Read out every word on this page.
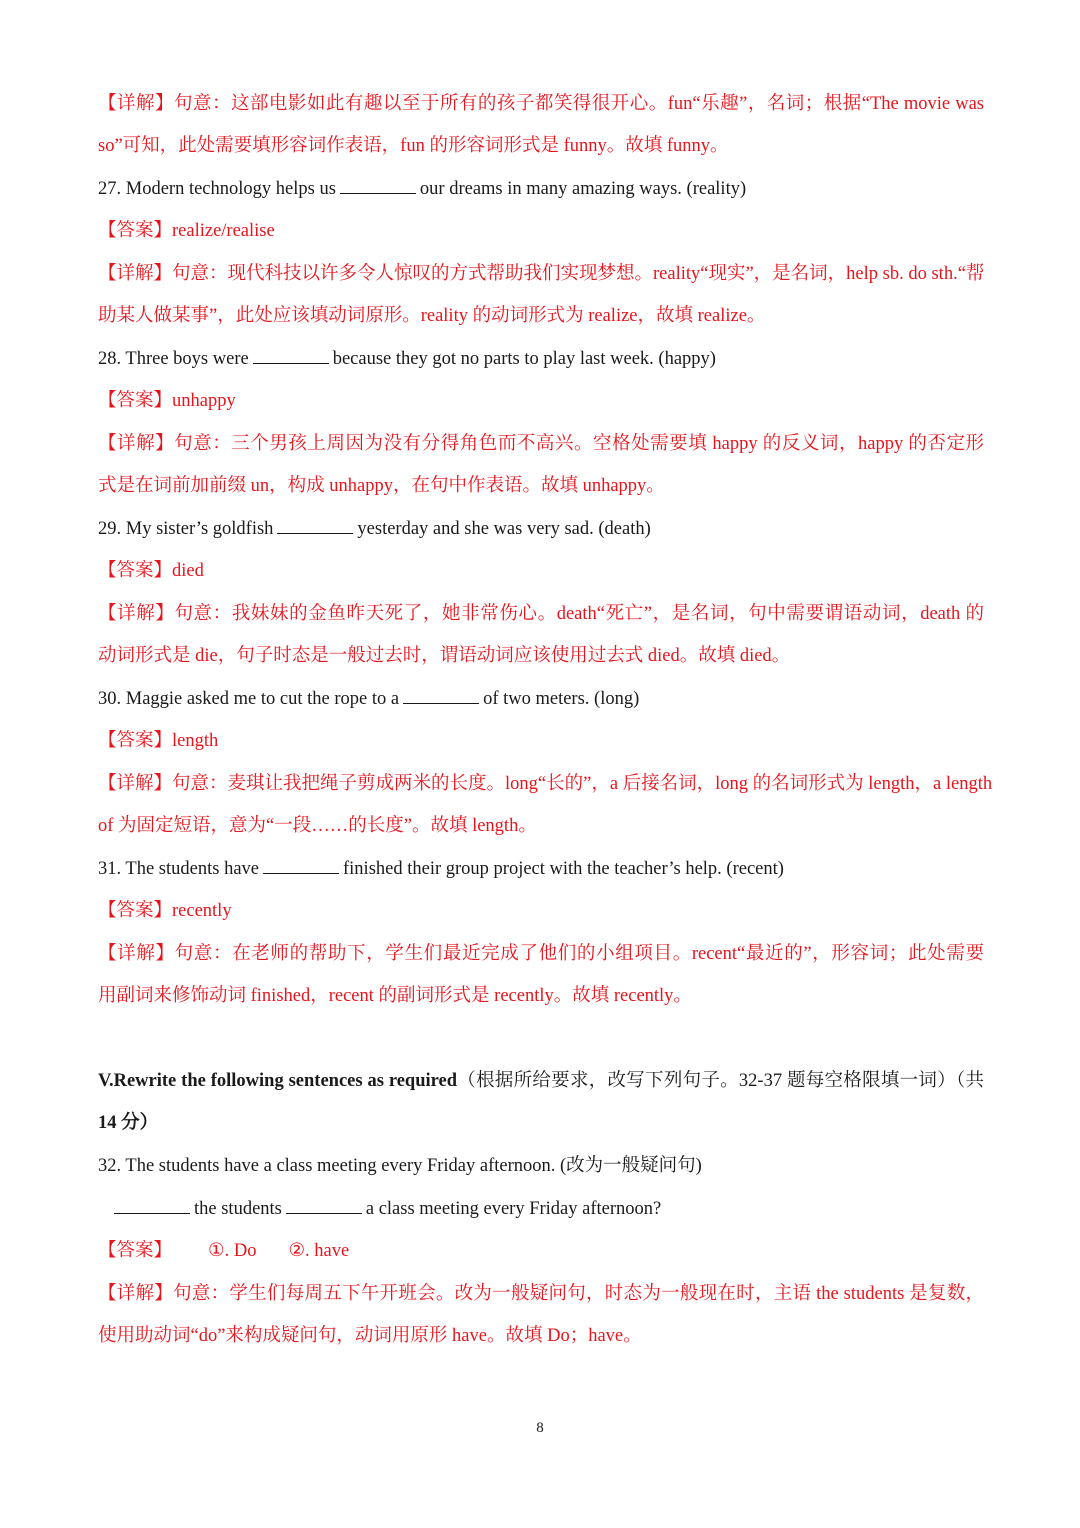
【详解】句意：这部电影如此有趣以至于所有的孩子都笑得很开心。fun“乐趣”，名词；根据“The movie was
so”可知，此处需要填形容词作表语，fun 的形容词形式是 funny。故填 funny。
27. Modern technology helps us	our dreams in many amazing ways. (reality)
【答案】realize/realise
【详解】句意：现代科技以许多令人惊叹的方式帮助我们实现梦想。reality“现实”，是名词，help sb. do sth.“帮
助某人做某事”，此处应该填动词原形。reality 的动词形式为 realize，故填 realize。
28. Three boys were	because they got no parts to play last week. (happy)
【答案】unhappy
【详解】句意：三个男孩上周因为没有分得角色而不高兴。空格处需要填 happy 的反义词，happy 的否定形
式是在词前加前缀 un，构成 unhappy，在句中作表语。故填 unhappy。
29. My sister’s goldfish	yesterday and she was very sad. (death)
【答案】died
【详解】句意：我妹妹的金鱼昨天死了，她非常伤心。death“死亡”，是名词，句中需要谓语动词，death 的
动词形式是 die，句子时态是一般过去时，谓语动词应该使用过去式 died。故填 died。
30. Maggie asked me to cut the rope to a	of two meters. (long)
【答案】length
【详解】句意：麦琪让我把绳子剪成两米的长度。long“长的”，a 后接名词，long 的名词形式为 length，a length
of 为固定短语，意为“一段……的长度”。故填 length。
31. The students have	finished their group project with the teacher’s help. (recent)
【答案】recently
【详解】句意：在老师的帮助下，学生们最近完成了他们的小组项目。recent“最近的”，形容词；此处需要
用副词来修饰动词 finished，recent 的副词形式是 recently。故填 recently。
V.Rewrite the following sentences as required（根据所给要求，改写下列句子。32-37 题每空格限填一词）（共
14 分）
32. The students have a class meeting every Friday afternoon. (改为一般疑问句)
the students	a class meeting every Friday afternoon?
【答案】 ①. Do ②. have
【详解】句意：学生们每周五下午开班会。改为一般疑问句，时态为一般现在时，主语 the students 是复数，
使用助动词“do”来构成疑问句，动词用原形 have。故填 Do；have。
8
